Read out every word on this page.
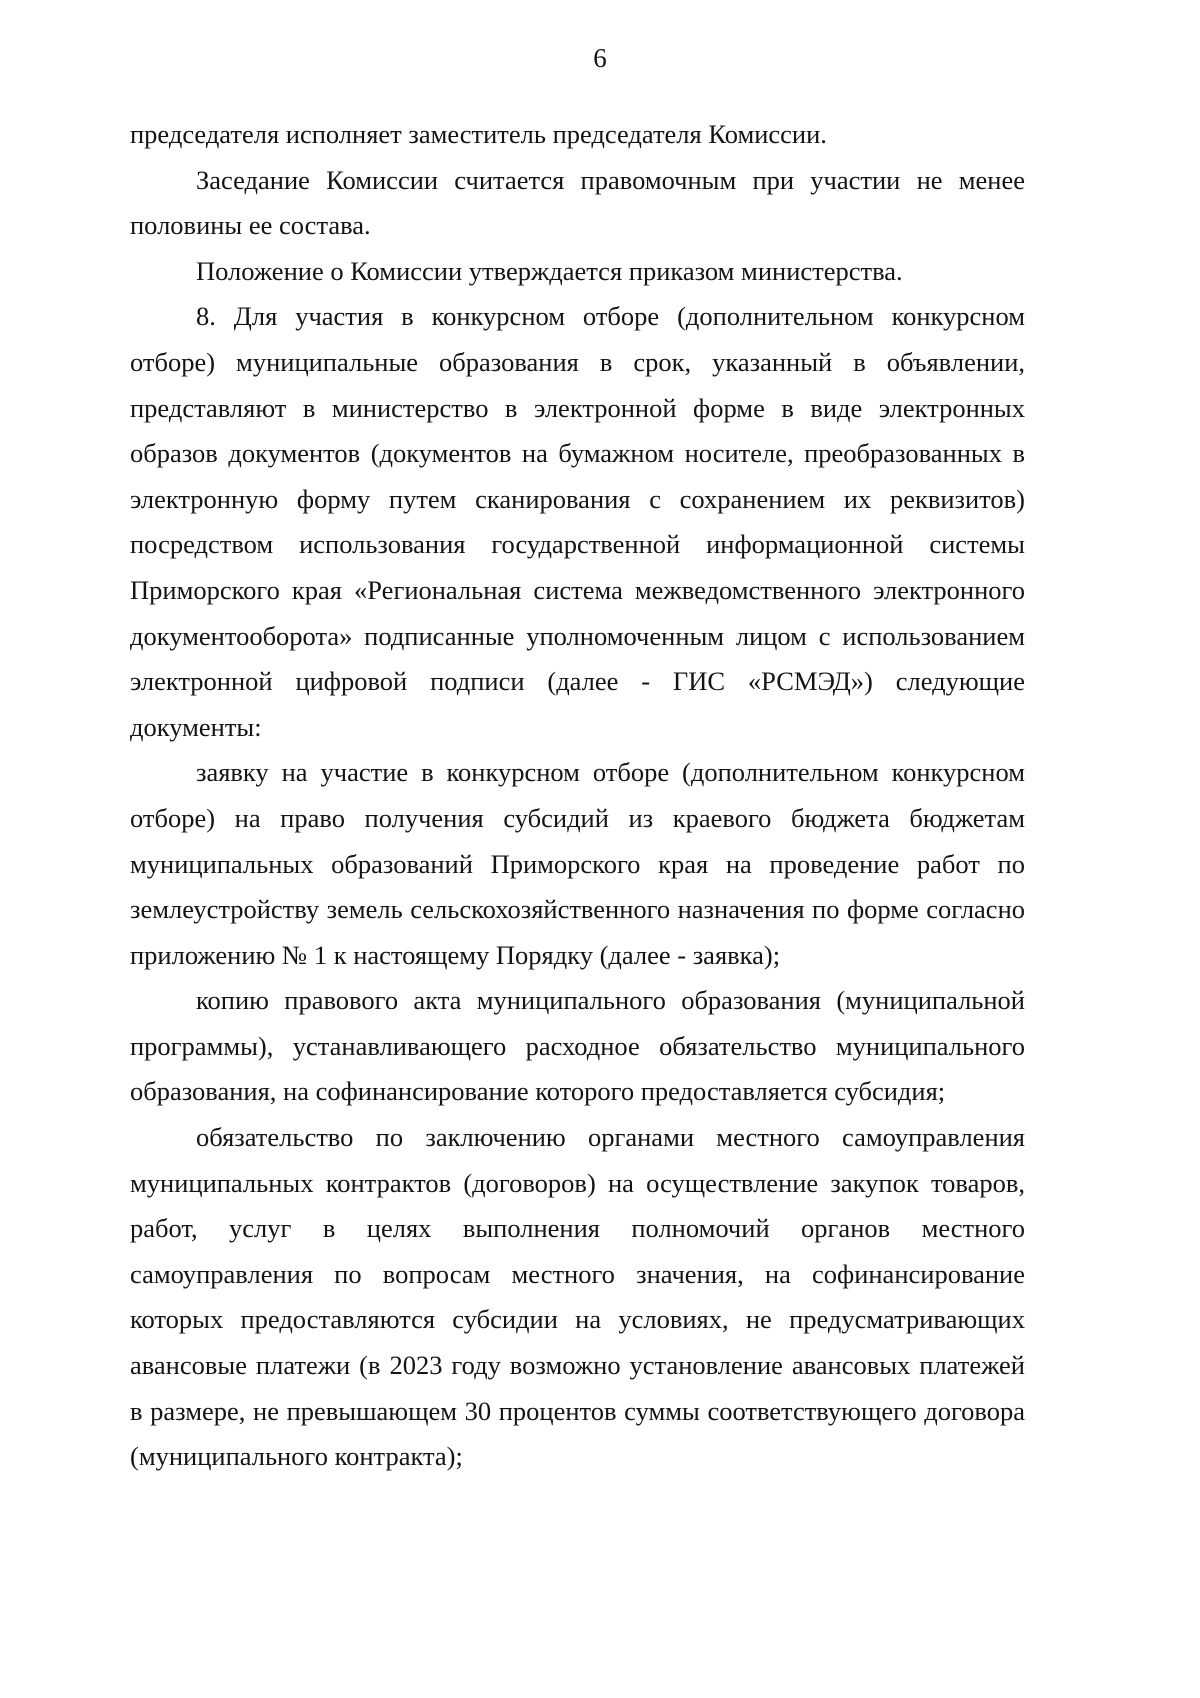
6

председателя исполняет заместитель председателя Комиссии.

Заседание Комиссии считается правомочным при участии не менее половины ее состава.

Положение о Комиссии утверждается приказом министерства.

8. Для участия в конкурсном отборе (дополнительном конкурсном отборе) муниципальные образования в срок, указанный в объявлении, представляют в министерство в электронной форме в виде электронных образов документов (документов на бумажном носителе, преобразованных в электронную форму путем сканирования с сохранением их реквизитов) посредством использования государственной информационной системы Приморского края «Региональная система межведомственного электронного документооборота» подписанные уполномоченным лицом с использованием электронной цифровой подписи (далее - ГИС «РСМЭД») следующие документы:

заявку на участие в конкурсном отборе (дополнительном конкурсном отборе) на право получения субсидий из краевого бюджета бюджетам муниципальных образований Приморского края на проведение работ по землеустройству земель сельскохозяйственного назначения по форме согласно приложению № 1 к настоящему Порядку (далее - заявка);

копию правового акта муниципального образования (муниципальной программы), устанавливающего расходное обязательство муниципального образования, на софинансирование которого предоставляется субсидия;

обязательство по заключению органами местного самоуправления муниципальных контрактов (договоров) на осуществление закупок товаров, работ, услуг в целях выполнения полномочий органов местного самоуправления по вопросам местного значения, на софинансирование которых предоставляются субсидии на условиях, не предусматривающих авансовые платежи (в 2023 году возможно установление авансовых платежей в размере, не превышающем 30 процентов суммы соответствующего договора (муниципального контракта);
